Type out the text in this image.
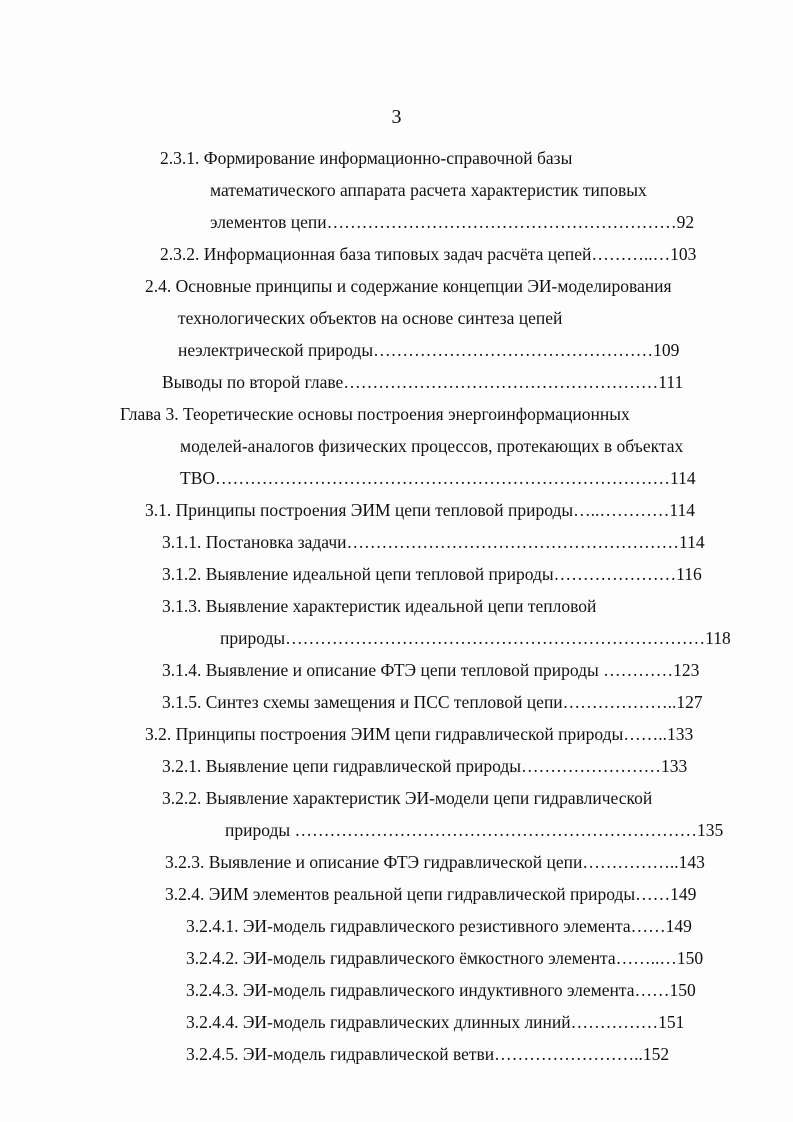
3
2.3.1. Формирование информационно-справочной базы
математического аппарата расчета характеристик типовых
элементов цепи……………………………………………………92
2.3.2. Информационная база типовых задач расчёта цепей………..…103
2.4. Основные принципы и содержание концепции ЭИ-моделирования
технологических объектов на основе синтеза цепей
неэлектрической природы…………………………………………109
Выводы по второй главе………………………………………………111
Глава 3. Теоретические основы построения энергоинформационных
моделей-аналогов физических процессов, протекающих в объектах
ТВО……………………………………………………………………114
3.1. Принципы построения ЭИМ цепи тепловой природы…..…………114
3.1.1. Постановка задачи…………………………………………………114
3.1.2. Выявление идеальной цепи тепловой природы…………………116
3.1.3. Выявление характеристик идеальной цепи тепловой
природы………………………………………………………………118
3.1.4. Выявление и описание ФТЭ цепи тепловой природы …………123
3.1.5. Синтез схемы замещения и ПСС тепловой цепи………………..127
3.2. Принципы построения ЭИМ цепи гидравлической природы……..133
3.2.1. Выявление цепи гидравлической природы……………………133
3.2.2. Выявление характеристик ЭИ-модели цепи гидравлической
природы ……………………………………………………………135
3.2.3. Выявление и описание ФТЭ гидравлической цепи……………..143
3.2.4. ЭИМ элементов реальной цепи гидравлической природы……149
3.2.4.1. ЭИ-модель гидравлического резистивного элемента……149
3.2.4.2. ЭИ-модель гидравлического ёмкостного элемента……..…150
3.2.4.3. ЭИ-модель гидравлического индуктивного элемента……150
3.2.4.4. ЭИ-модель гидравлических длинных линий……………151
3.2.4.5. ЭИ-модель гидравлической ветви……………………..152
